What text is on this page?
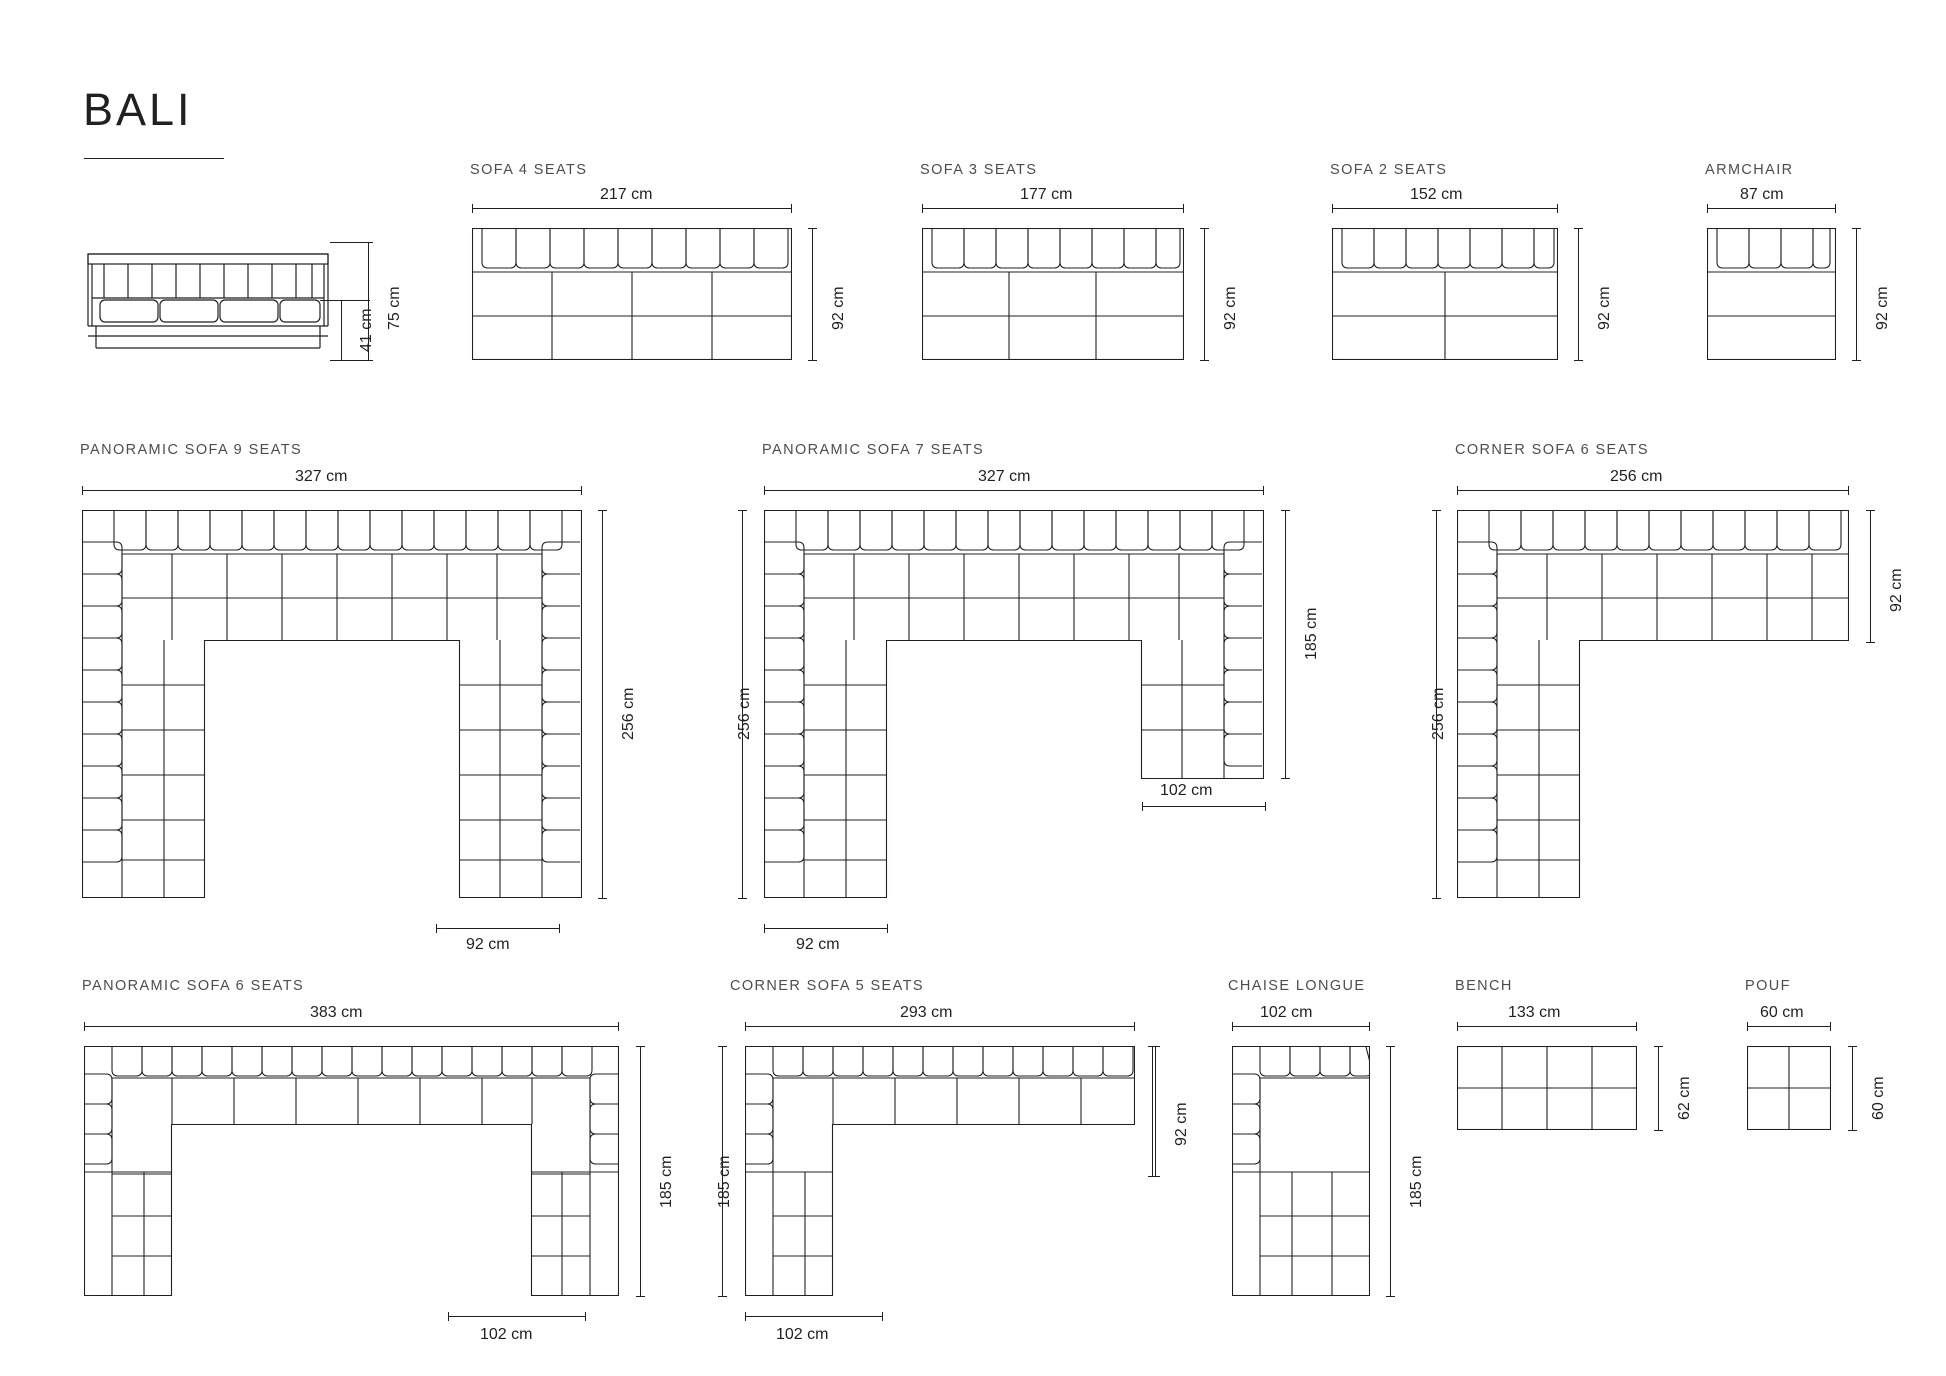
BALI
75 cm
41 cm
SOFA 4 SEATS
217 cm
92 cm
SOFA 3 SEATS
177 cm
92 cm
SOFA 2 SEATS
152 cm
92 cm
ARMCHAIR
87 cm
92 cm
PANORAMIC SOFA 9 SEATS
327 cm
256 cm
92 cm
PANORAMIC SOFA 7 SEATS
327 cm
256 cm
185 cm
102 cm
92 cm
CORNER SOFA 6 SEATS
256 cm
92 cm
256 cm
PANORAMIC SOFA 6 SEATS
383 cm
185 cm
102 cm
CORNER SOFA 5 SEATS
293 cm
185 cm
92 cm
102 cm
CHAISE LONGUE
102 cm
185 cm
BENCH
133 cm
62 cm
POUF
60 cm
60 cm
